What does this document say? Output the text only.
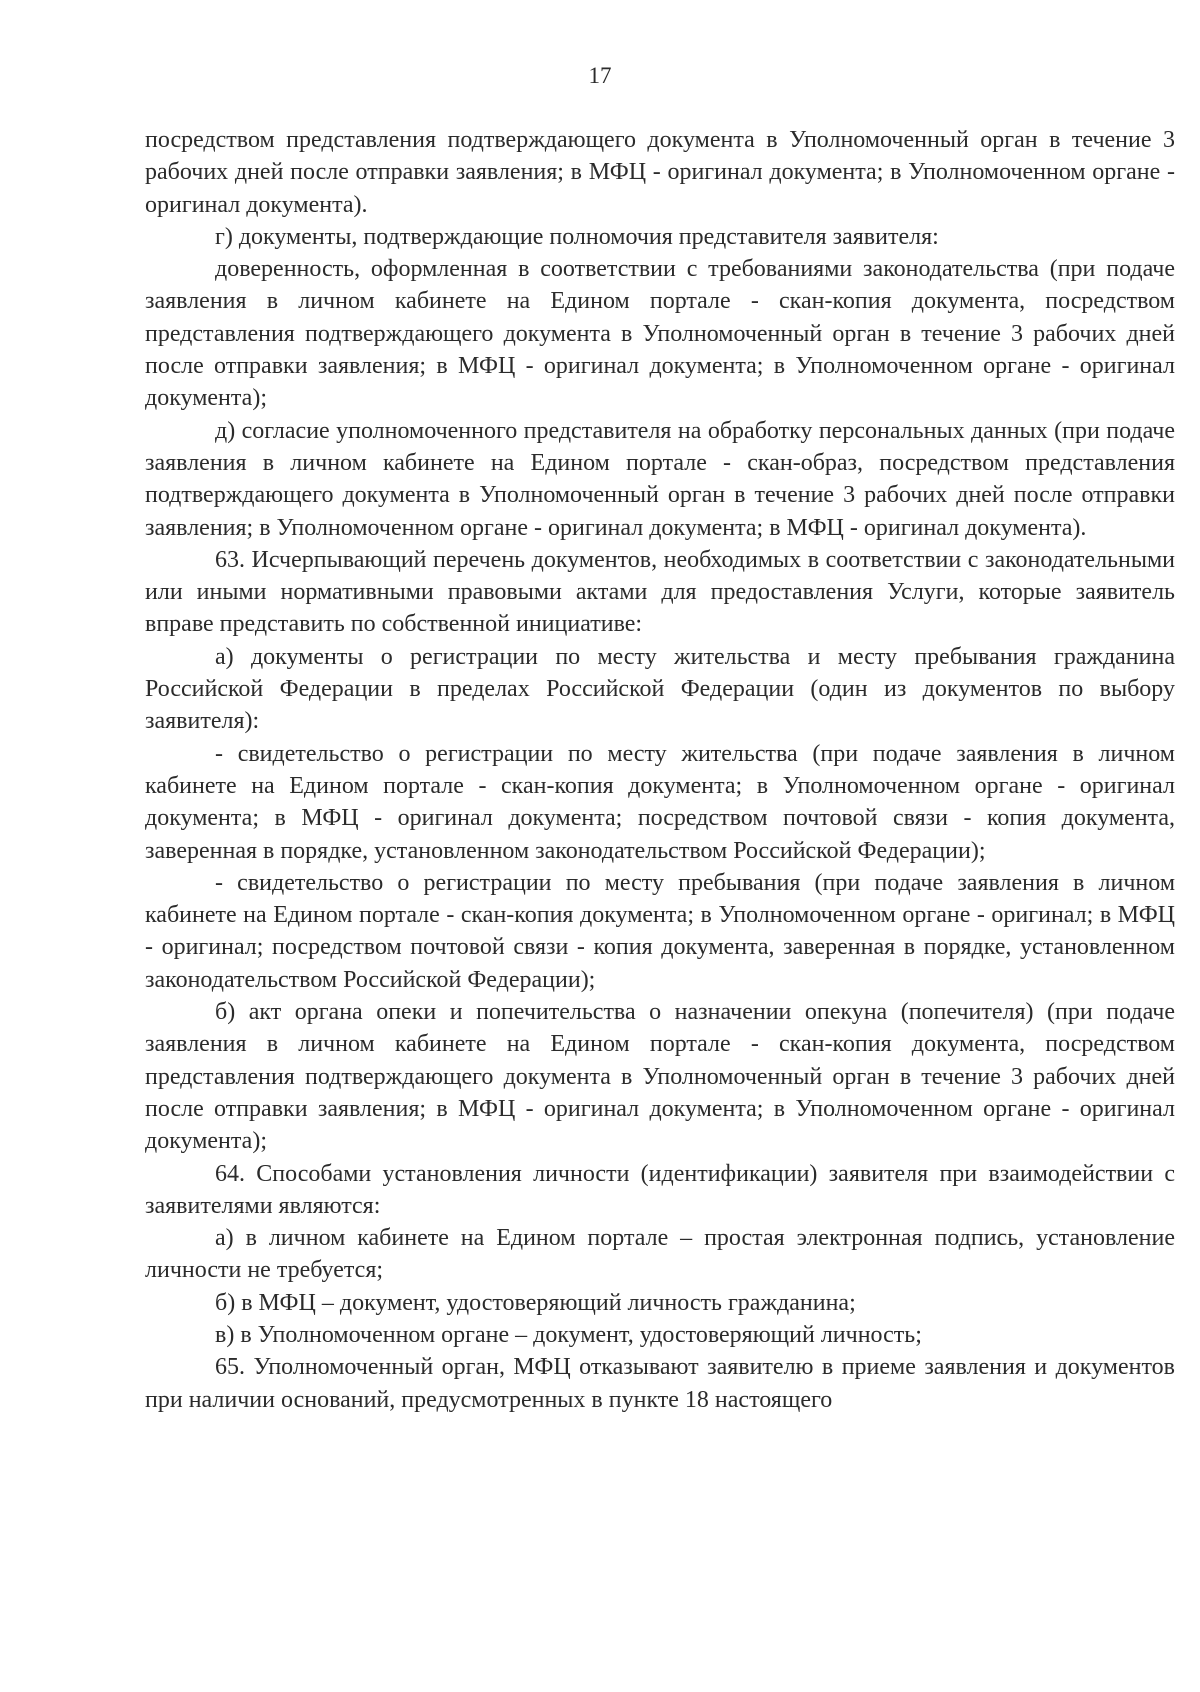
17

посредством представления подтверждающего документа в Уполномоченный орган в течение 3 рабочих дней после отправки заявления; в МФЦ - оригинал документа; в Уполномоченном органе - оригинал документа).

г) документы, подтверждающие полномочия представителя заявителя:

доверенность, оформленная в соответствии с требованиями законодательства (при подаче заявления в личном кабинете на Едином портале - скан-копия документа, посредством представления подтверждающего документа в Уполномоченный орган в течение 3 рабочих дней после отправки заявления; в МФЦ - оригинал документа; в Уполномоченном органе - оригинал документа);

д) согласие уполномоченного представителя на обработку персональных данных (при подаче заявления в личном кабинете на Едином портале - скан-образ, посредством представления подтверждающего документа в Уполномоченный орган в течение 3 рабочих дней после отправки заявления; в Уполномоченном органе - оригинал документа; в МФЦ - оригинал документа).

63. Исчерпывающий перечень документов, необходимых в соответствии с законодательными или иными нормативными правовыми актами для предоставления Услуги, которые заявитель вправе представить по собственной инициативе:

а) документы о регистрации по месту жительства и месту пребывания гражданина Российской Федерации в пределах Российской Федерации (один из документов по выбору заявителя):

- свидетельство о регистрации по месту жительства (при подаче заявления в личном кабинете на Едином портале - скан-копия документа; в Уполномоченном органе - оригинал документа; в МФЦ - оригинал документа; посредством почтовой связи - копия документа, заверенная в порядке, установленном законодательством Российской Федерации);

- свидетельство о регистрации по месту пребывания (при подаче заявления в личном кабинете на Едином портале - скан-копия документа; в Уполномоченном органе - оригинал; в МФЦ - оригинал; посредством почтовой связи - копия документа, заверенная в порядке, установленном законодательством Российской Федерации);

б) акт органа опеки и попечительства о назначении опекуна (попечителя) (при подаче заявления в личном кабинете на Едином портале - скан-копия документа, посредством представления подтверждающего документа в Уполномоченный орган в течение 3 рабочих дней после отправки заявления; в МФЦ - оригинал документа; в Уполномоченном органе - оригинал документа);

64. Способами установления личности (идентификации) заявителя при взаимодействии с заявителями являются:

а) в личном кабинете на Едином портале – простая электронная подпись, установление личности не требуется;

б) в МФЦ – документ, удостоверяющий личность гражданина;

в) в Уполномоченном органе – документ, удостоверяющий личность;

65. Уполномоченный орган, МФЦ отказывают заявителю в приеме заявления и документов при наличии оснований, предусмотренных в пункте 18 настоящего
